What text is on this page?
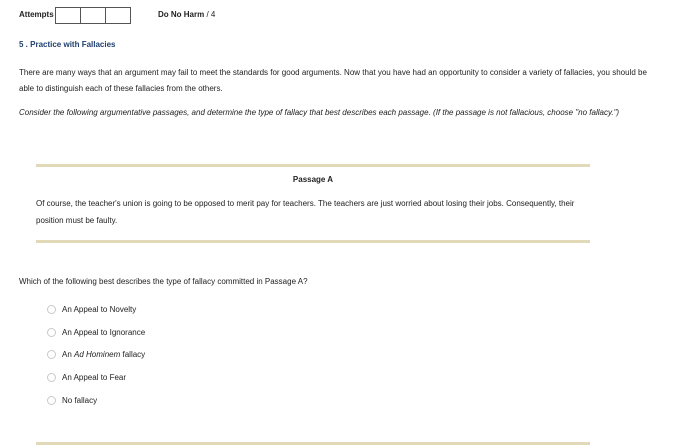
Attempts	Do No Harm / 4
5 . Practice with Fallacies
There are many ways that an argument may fail to meet the standards for good arguments. Now that you have had an opportunity to consider a variety of fallacies, you should be able to distinguish each of these fallacies from the others.
Consider the following argumentative passages, and determine the type of fallacy that best describes each passage. (If the passage is not fallacious, choose "no fallacy.")
Passage A
Of course, the teacher's union is going to be opposed to merit pay for teachers. The teachers are just worried about losing their jobs. Consequently, their position must be faulty.
Which of the following best describes the type of fallacy committed in Passage A?
An Appeal to Novelty
An Appeal to Ignorance
An Ad Hominem fallacy
An Appeal to Fear
No fallacy
